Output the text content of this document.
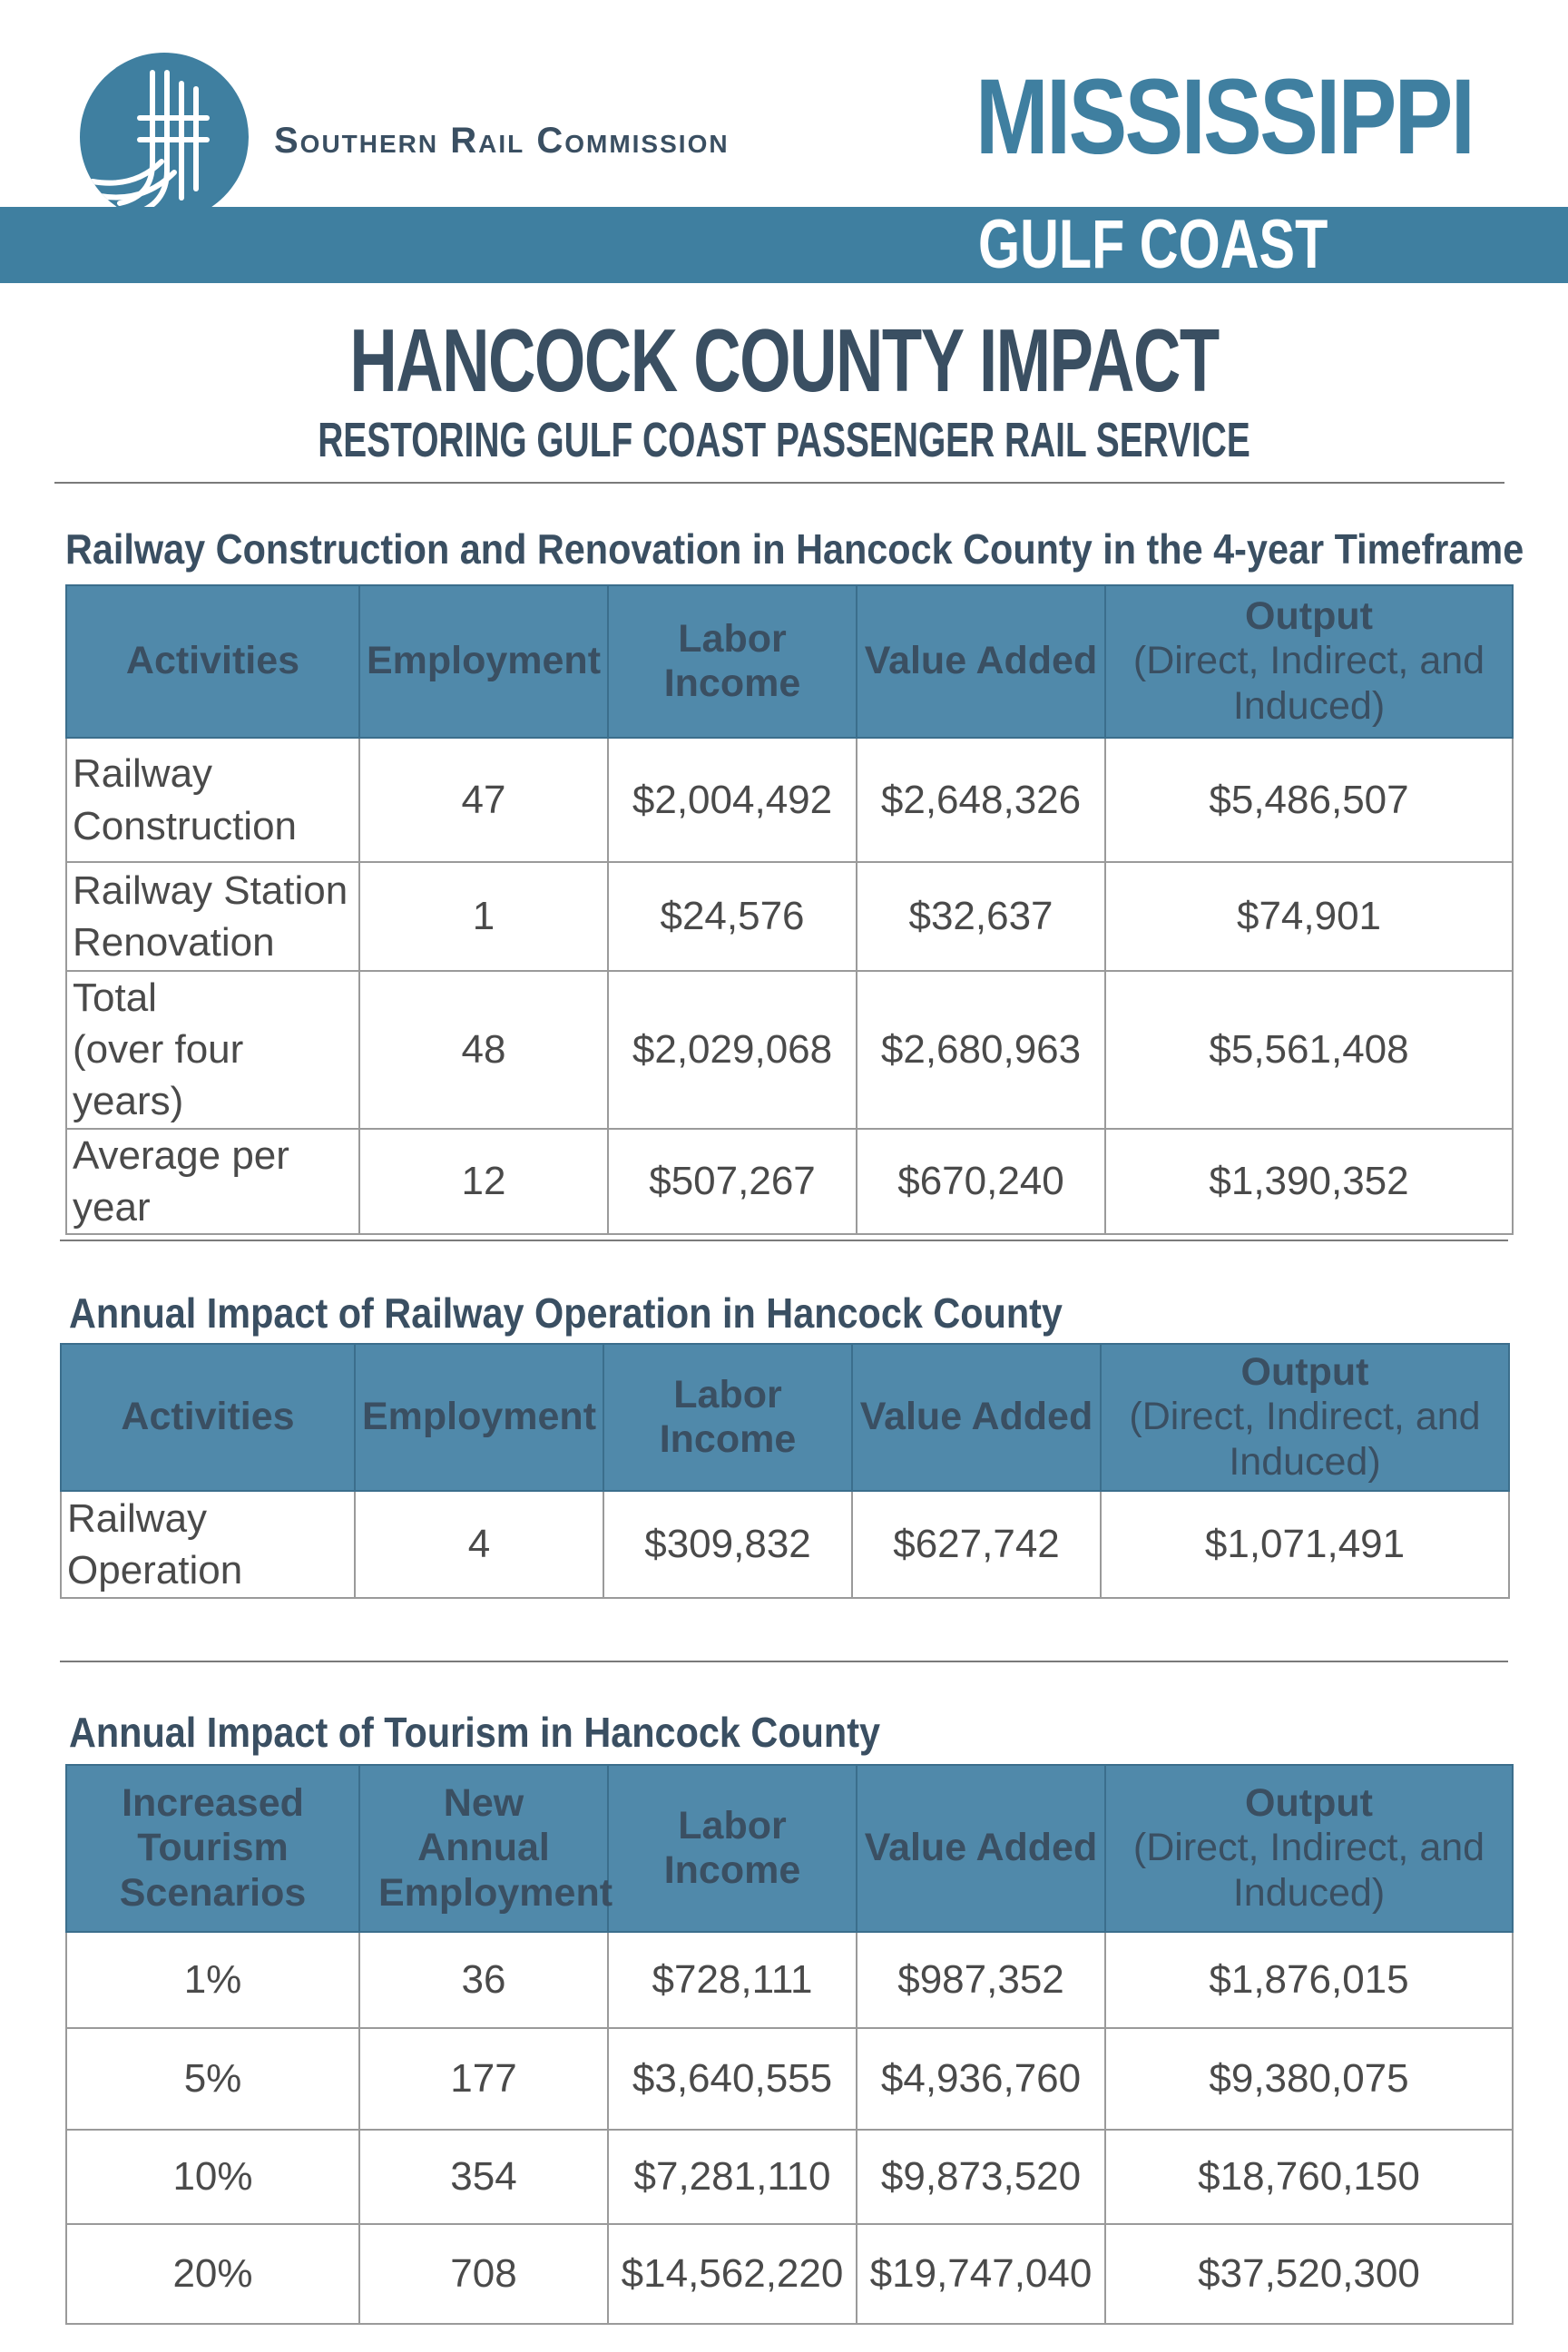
Southern Rail Commission MISSISSIPPI
GULF COAST
HANCOCK COUNTY IMPACT
RESTORING GULF COAST PASSENGER RAIL SERVICE
Railway Construction and Renovation in Hancock County in the 4-year Timeframe
Activities	Employment	Labor Income	Value Added	Output
(Direct, Indirect, and Induced)

Railway
Construction	47	$2,004,492	$2,648,326	$5,486,507
Railway Station
Renovation	1	$24,576	$32,637	$74,901
Total
(over four years)	48	$2,029,068	$2,680,963	$5,561,408
Average per year	12	$507,267	$670,240	$1,390,352
Annual Impact of Railway Operation in Hancock County
Activities	Employment	Labor Income	Value Added	Output
(Direct, Indirect, and Induced)

Railway Operation	4	$309,832	$627,742	$1,071,491
Annual Impact of Tourism in Hancock County
Increased Tourism Scenarios	New Annual Employment	Labor Income	Value Added	Output
(Direct, Indirect, and Induced)

1%	36	$728,111	$987,352	$1,876,015
5%	177	$3,640,555	$4,936,760	$9,380,075
10%	354	$7,281,110	$9,873,520	$18,760,150
20%	708	$14,562,220	$19,747,040	$37,520,300
